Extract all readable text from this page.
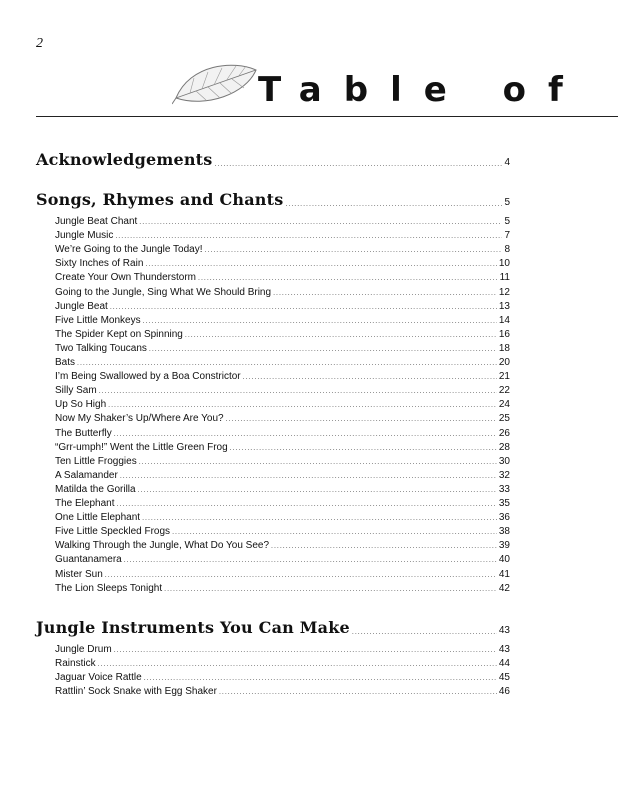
2
Table of
Acknowledgements .....	4
Songs, Rhymes and Chants .....	5
Jungle Beat Chant .....	5
Jungle Music .....	7
We’re Going to the Jungle Today! .....	8
Sixty Inches of Rain .....	10
Create Your Own Thunderstorm .....	11
Going to the Jungle, Sing What We Should Bring .....	12
Jungle Beat .....	13
Five Little Monkeys .....	14
The Spider Kept on Spinning .....	16
Two Talking Toucans .....	18
Bats .....	20
I’m Being Swallowed by a Boa Constrictor .....	21
Silly Sam .....	22
Up So High .....	24
Now My Shaker’s Up/Where Are You? .....	25
The Butterfly .....	26
“Grr-umph!” Went the Little Green Frog .....	28
Ten Little Froggies .....	30
A Salamander .....	32
Matilda the Gorilla .....	33
The Elephant .....	35
One Little Elephant .....	36
Five Little Speckled Frogs .....	38
Walking Through the Jungle, What Do You See? .....	39
Guantanamera .....	40
Mister Sun .....	41
The Lion Sleeps Tonight .....	42
Jungle Instruments You Can Make .....	43
Jungle Drum .....	43
Rainstick .....	44
Jaguar Voice Rattle .....	45
Rattlin’ Sock Snake with Egg Shaker .....	46
